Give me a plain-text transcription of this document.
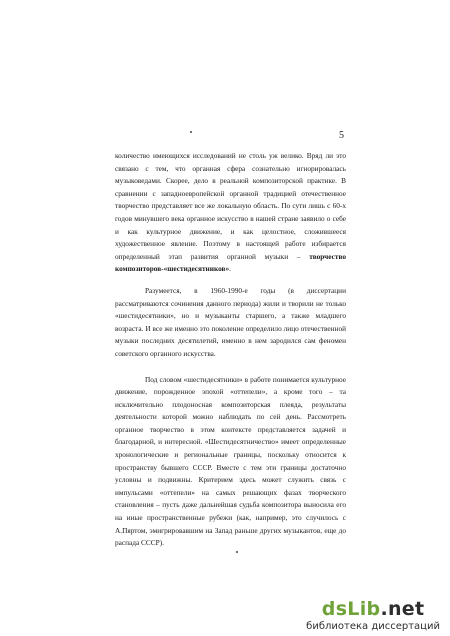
5

количество имеющихся исследований не столь уж велико. Вряд ли это связано с тем, что органная сфера сознательно игнорировалась музыковедами. Скорее, дело в реальной композиторской практике. В сравнении с западноевропейской органной традицией отечественное творчество представляет все же локальную область. По сути лишь с 60-х годов минувшего века органное искусство в нашей стране заявило о себе и как культурное движение, и как целостное, сложившееся художественное явление. Поэтому в настоящей работе избирается определенный этап развития органной музыки – творчество композиторов-«шестидесятников».

Разумеется, в 1960-1990-е годы (в диссертации рассматриваются сочинения данного периода) жили и творили не только «шестидесятники», но и музыканты старшего, а также младшего возраста. И все же именно это поколение определило лицо отечественной музыки последних десятилетий, именно в нем зародился сам феномен советского органного искусства.

Под словом «шестидесятники» в работе понимается культурное движение, порожденное эпохой «оттепели», а кроме того – та исключительно плодоносная композиторская плеяда, результаты деятельности которой можно наблюдать по сей день. Рассмотреть органное творчество в этом контексте представляется задачей и благодарной, и интересной. «Шестидесятничество» имеет определенные хронологические и региональные границы, поскольку относится к пространству бывшего СССР. Вместе с тем эти границы достаточно условны и подвижны. Критерием здесь может служить связь с импульсами «оттепели» на самых решающих фазах творческого становления – пусть даже дальнейшая судьба композитора выносила его на иные пространственные рубежи (как, например, это случилось с А.Пяртом, эмигрировавшим на Запад раньше других музыкантов, еще до распада СССР).

dsLib.net
библиотека диссертаций
